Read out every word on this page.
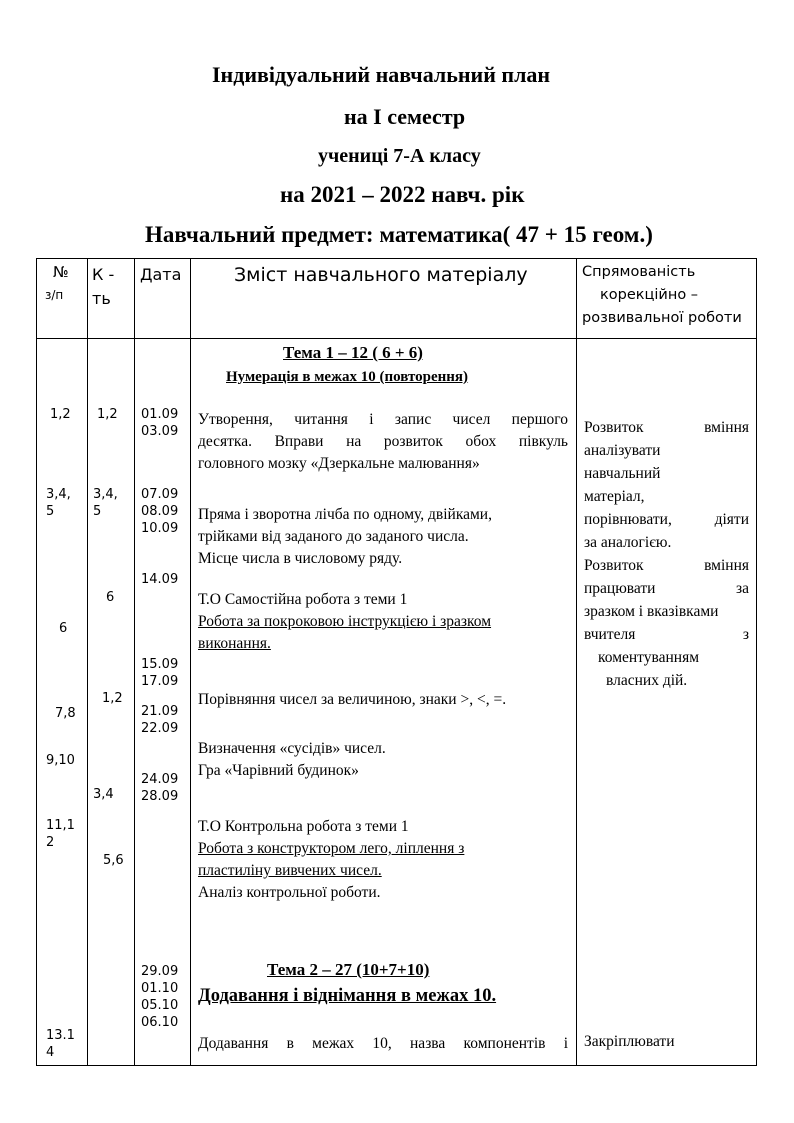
Індивідуальний навчальний план
на І семестр
учениці 7-А класу
на 2021 – 2022 навч. рік
Навчальний предмет: математика( 47 + 15 геом.)
№
з/п
К -
ть
Дата	Зміст навчального матеріалу	Спрямованість
корекційно –
розвивальної роботи
1,2
3,4,
5
6
7,8
9,10
11,1
2
13.1
4
1,2
3,4,
5
6
1,2
3,4
5,6
01.09
03.09
07.09
08.09
10.09
14.09
15.09
17.09
21.09
22.09
24.09
28.09
29.09
01.10
05.10
06.10
Тема 1 – 12 ( 6 + 6)
Нумерація в межах 10 (повторення)
Утворення, читання і запис чисел першого
десятка. Вправи на розвиток обох півкуль
головного мозку «Дзеркальне малювання»
Пряма і зворотна лічба по одному, двійками,
трійками від заданого до заданого числа.
Місце числа в числовому ряду.
Т.О Самостійна робота з теми 1
Робота за покроковою інструкцією і зразком
виконання.
Порівняння чисел за величиною, знаки >, <, =.
Визначення «сусідів» чисел.
Гра «Чарівний будинок»
Т.О Контрольна робота з теми 1
Робота з конструктором лего, ліплення з
пластиліну вивчених чисел.
Аналіз контрольної роботи.
Тема 2 – 27 (10+7+10)
Додавання і віднімання в межах 10.
Додавання в межах 10, назва компонентів і
Розвиток вміння
аналізувати
навчальний
матеріал,
порівнювати, діяти
за аналогією.
Розвиток вміння
працювати за
зразком і вказівками
вчителя з
коментуванням
власних дій.
Закріплювати
